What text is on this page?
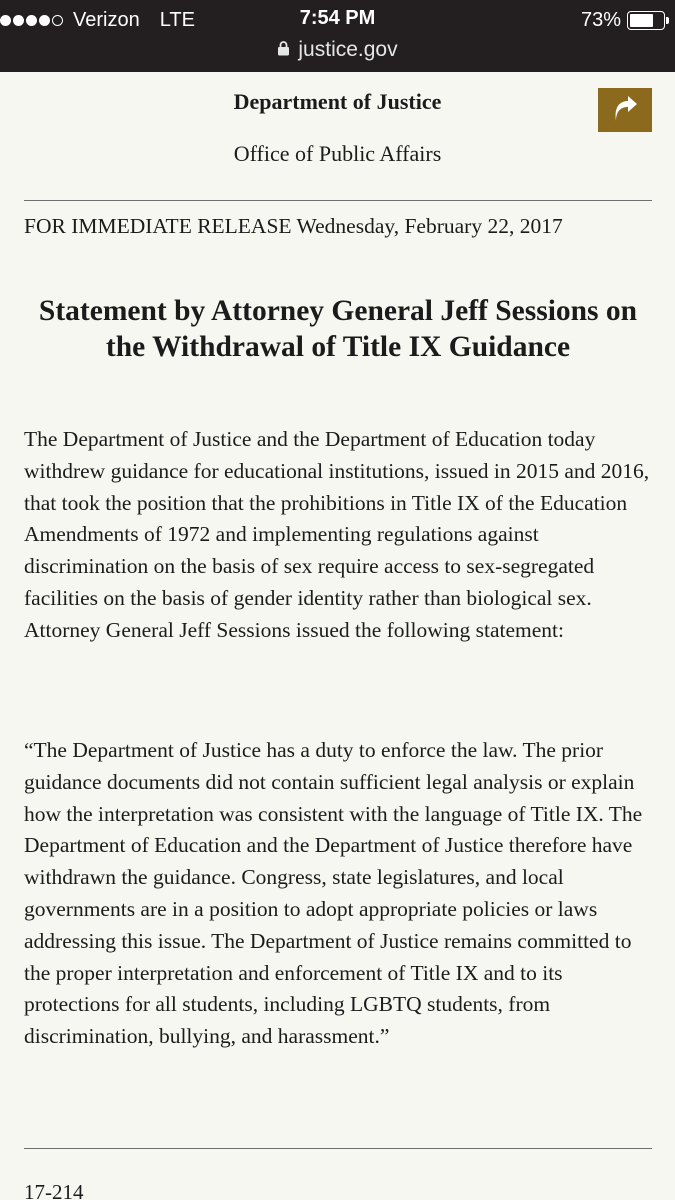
Verizon LTE	7:54 PM	73%
justice.gov
Department of Justice
Office of Public Affairs
FOR IMMEDIATE RELEASE Wednesday, February 22, 2017
Statement by Attorney General Jeff Sessions on the Withdrawal of Title IX Guidance

The Department of Justice and the Department of Education today withdrew guidance for educational institutions, issued in 2015 and 2016, that took the position that the prohibitions in Title IX of the Education Amendments of 1972 and implementing regulations against discrimination on the basis of sex require access to sex-segregated facilities on the basis of gender identity rather than biological sex. Attorney General Jeff Sessions issued the following statement:

“The Department of Justice has a duty to enforce the law. The prior guidance documents did not contain sufficient legal analysis or explain how the interpretation was consistent with the language of Title IX. The Department of Education and the Department of Justice therefore have withdrawn the guidance. Congress, state legislatures, and local governments are in a position to adopt appropriate policies or laws addressing this issue. The Department of Justice remains committed to the proper interpretation and enforcement of Title IX and to its protections for all students, including LGBTQ students, from discrimination, bullying, and harassment.”

17-214
